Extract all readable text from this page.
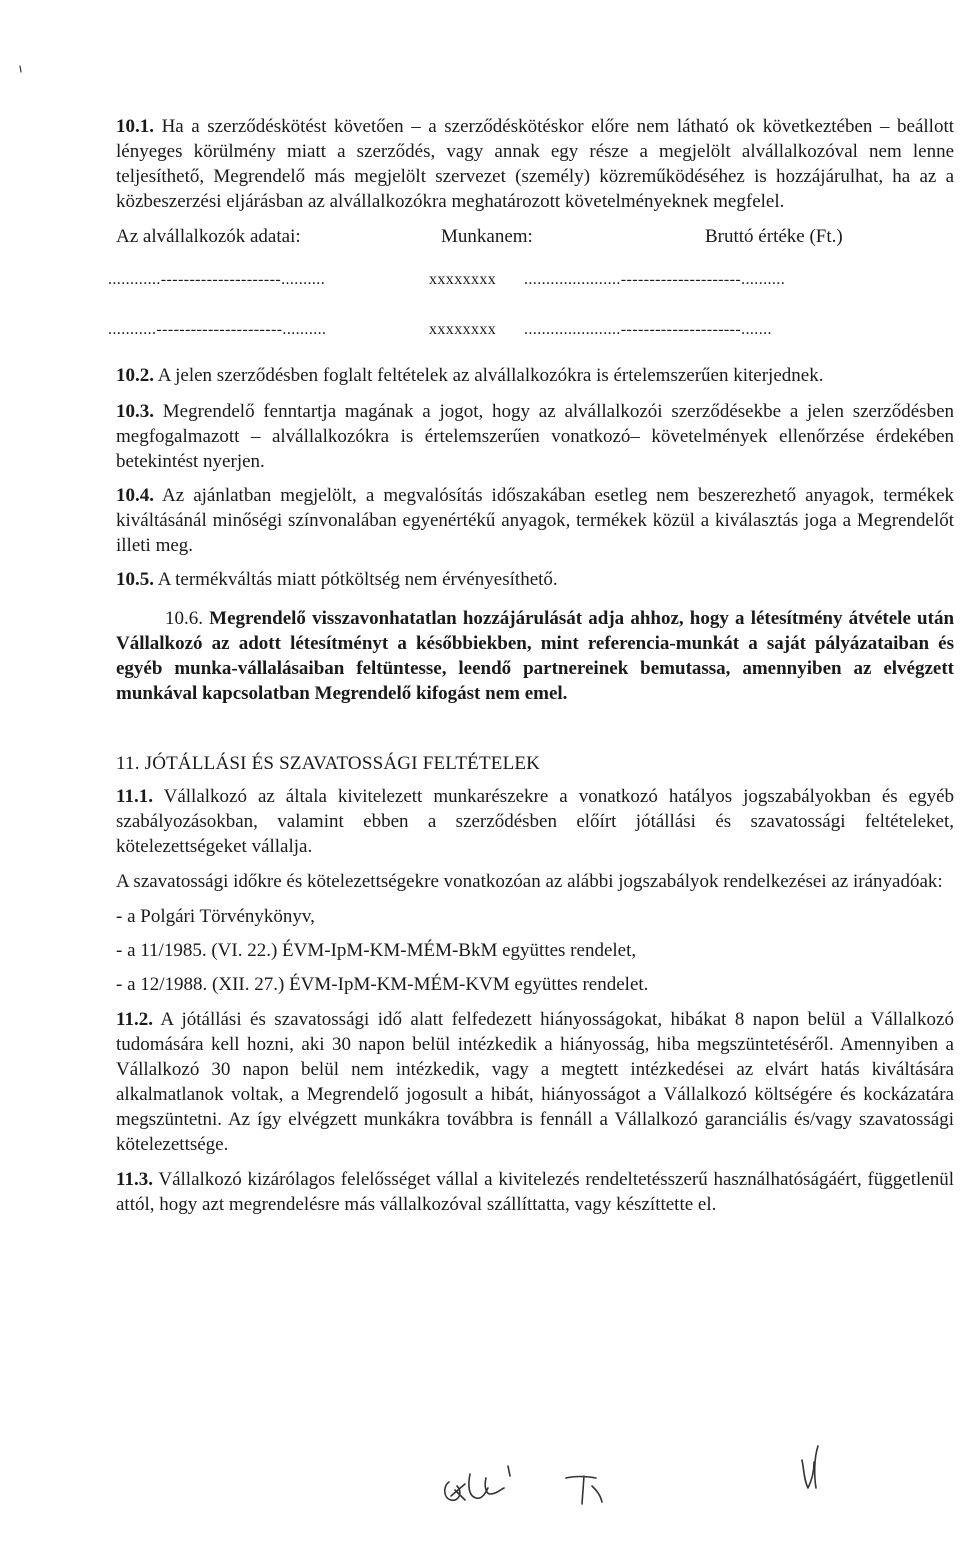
10.1. Ha a szerződéskötést követően – a szerződéskötéskor előre nem látható ok következtében – beállott lényeges körülmény miatt a szerződés, vagy annak egy része a megjelölt alvállalkozóval nem lenne teljesíthető, Megrendelő más megjelölt szervezet (személy) közreműködéséhez is hozzájárulhat, ha az a közbeszerzési eljárásban az alvállalkozókra meghatározott követelményeknek megfelel.

Az alvállalkozók adatai:	Munkanem:	Bruttó értéke (Ft.)
............---------------------..........	xxxxxxxx ......................---------------------..........
...........----------------------..........	xxxxxxxx ......................---------------------.......

10.2. A jelen szerződésben foglalt feltételek az alvállalkozókra is értelemszerűen kiterjednek.

10.3. Megrendelő fenntartja magának a jogot, hogy az alvállalkozói szerződésekbe a jelen szerződésben megfogalmazott – alvállalkozókra is értelemszerűen vonatkozó– követelmények ellenőrzése érdekében betekintést nyerjen.

10.4. Az ajánlatban megjelölt, a megvalósítás időszakában esetleg nem beszerezhető anyagok, termékek kiváltásánál minőségi színvonalában egyenértékű anyagok, termékek közül a kiválasztás joga a Megrendelőt illeti meg.

10.5. A termékváltás miatt pótköltség nem érvényesíthető.

10.6. Megrendelő visszavonhatatlan hozzájárulását adja ahhoz, hogy a létesítmény átvétele után Vállalkozó az adott létesítményt a későbbiekben, mint referencia-munkát a saját pályázataiban és egyéb munka-vállalásaiban feltüntesse, leendő partnereinek bemutassa, amennyiben az elvégzett munkával kapcsolatban Megrendelő kifogást nem emel.

11. JÓTÁLLÁSI ÉS SZAVATOSSÁGI FELTÉTELEK

11.1. Vállalkozó az általa kivitelezett munkarészekre a vonatkozó hatályos jogszabályokban és egyéb szabályozásokban, valamint ebben a szerződésben előírt jótállási és szavatossági feltételeket, kötelezettségeket vállalja.

A szavatossági időkre és kötelezettségekre vonatkozóan az alábbi jogszabályok rendelkezései az irányadóak:

- a Polgári Törvénykönyv,

- a 11/1985. (VI. 22.) ÉVM-IpM-KM-MÉM-BkM együttes rendelet,

- a 12/1988. (XII. 27.) ÉVM-IpM-KM-MÉM-KVM együttes rendelet.

11.2. A jótállási és szavatossági idő alatt felfedezett hiányosságokat, hibákat 8 napon belül a Vállalkozó tudomására kell hozni, aki 30 napon belül intézkedik a hiányosság, hiba megszüntetéséről. Amennyiben a Vállalkozó 30 napon belül nem intézkedik, vagy a megtett intézkedései az elvárt hatás kiváltására alkalmatlanok voltak, a Megrendelő jogosult a hibát, hiányosságot a Vállalkozó költségére és kockázatára megszüntetni. Az így elvégzett munkákra továbbra is fennáll a Vállalkozó garanciális és/vagy szavatossági kötelezettsége.

11.3. Vállalkozó kizárólagos felelősséget vállal a kivitelezés rendeltetésszerű használhatóságáért, függetlenül attól, hogy azt megrendelésre más vállalkozóval szállíttatta, vagy készíttette el.
